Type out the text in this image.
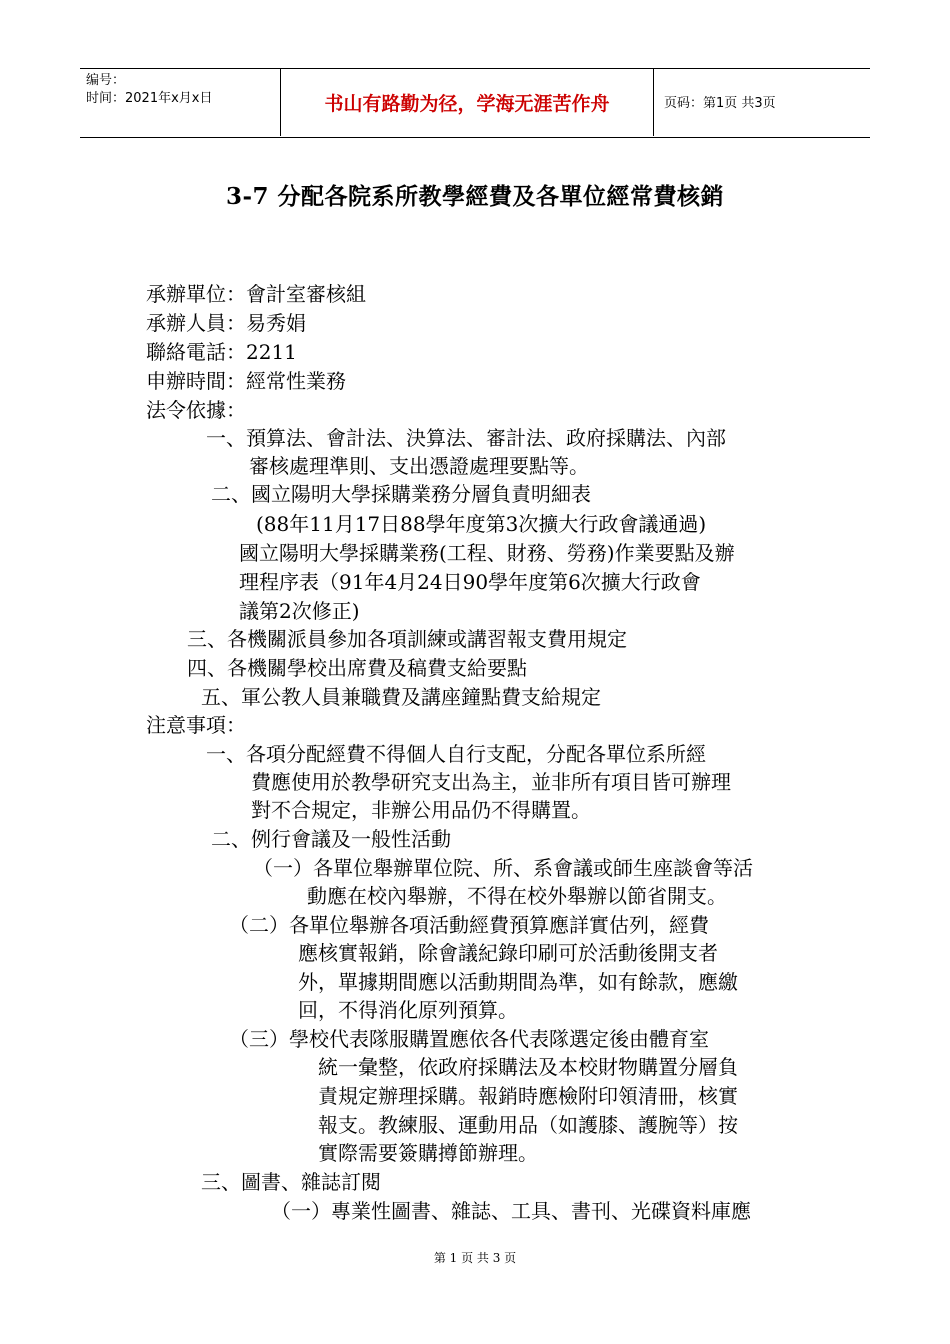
编号：
时间：2021年x月x日	书山有路勤为径，学海无涯苦作舟	页码：第1页 共3页
3-7 分配各院系所教學經費及各單位經常費核銷
承辦單位：會計室審核組
承辦人員：易秀娟
聯絡電話：2211
申辦時間：經常性業務
法令依據：
一、預算法、會計法、決算法、審計法、政府採購法、內部
審核處理準則、支出憑證處理要點等。
二、國立陽明大學採購業務分層負責明細表
(88年11月17日88學年度第3次擴大行政會議通過)
國立陽明大學採購業務(工程、財務、勞務)作業要點及辦
理程序表（91年4月24日90學年度第6次擴大行政會
議第2次修正)
三、各機關派員參加各項訓練或講習報支費用規定
四、各機關學校出席費及稿費支給要點
五、軍公教人員兼職費及講座鐘點費支給規定
注意事項：
一、各項分配經費不得個人自行支配，分配各單位系所經
費應使用於教學研究支出為主，並非所有項目皆可辦理
對不合規定，非辦公用品仍不得購置。
二、例行會議及一般性活動
（一）各單位舉辦單位院、所、系會議或師生座談會等活
動應在校內舉辦，不得在校外舉辦以節省開支。
（二）各單位舉辦各項活動經費預算應詳實估列，經費
應核實報銷，除會議紀錄印刷可於活動後開支者
外，單據期間應以活動期間為準，如有餘款，應繳
回，不得消化原列預算。
（三）學校代表隊服購置應依各代表隊選定後由體育室
統一彙整，依政府採購法及本校財物購置分層負
責規定辦理採購。報銷時應檢附印領清冊，核實
報支。教練服、運動用品（如護膝、護腕等）按
實際需要簽購撙節辦理。
三、圖書、雜誌訂閱
（一）專業性圖書、雜誌、工具、書刊、光碟資料庫應
第 1 页 共 3 页
